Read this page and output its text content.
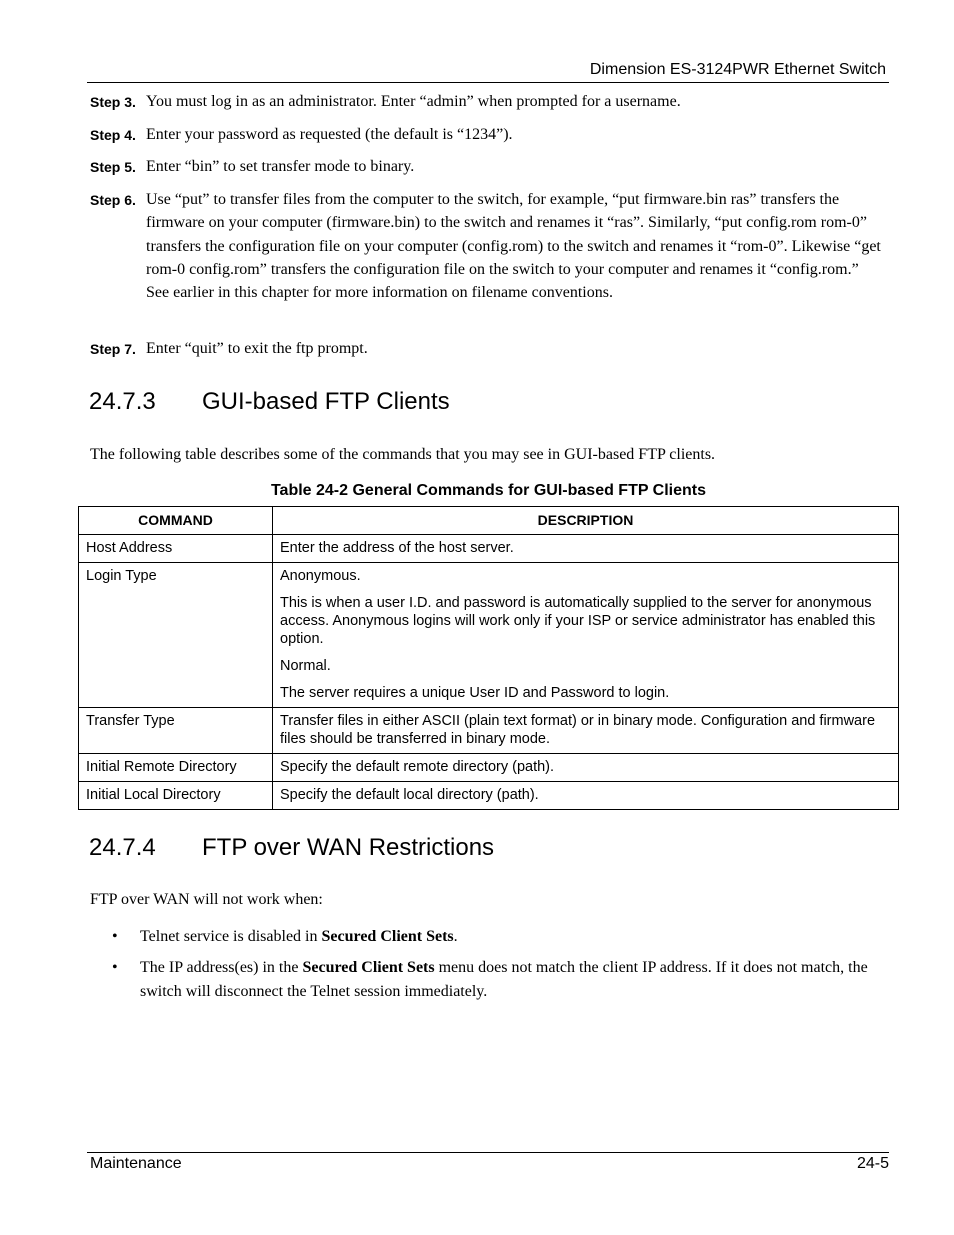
Dimension ES-3124PWR Ethernet Switch
Step 3. You must log in as an administrator. Enter “admin” when prompted for a username.
Step 4. Enter your password as requested (the default is “1234”).
Step 5. Enter “bin” to set transfer mode to binary.
Step 6. Use “put” to transfer files from the computer to the switch, for example, “put firmware.bin ras” transfers the firmware on your computer (firmware.bin) to the switch and renames it “ras”. Similarly, “put config.rom rom-0” transfers the configuration file on your computer (config.rom) to the switch and renames it “rom-0”. Likewise “get rom-0 config.rom” transfers the configuration file on the switch to your computer and renames it “config.rom.” See earlier in this chapter for more information on filename conventions.
Step 7. Enter “quit” to exit the ftp prompt.
24.7.3 GUI-based FTP Clients
The following table describes some of the commands that you may see in GUI-based FTP clients.
Table 24-2 General Commands for GUI-based FTP Clients
COMMAND	DESCRIPTION
Host Address	Enter the address of the host server.

Login Type	Anonymous.

This is when a user I.D. and password is automatically supplied to the server for anonymous access. Anonymous logins will work only if your ISP or service administrator has enabled this option.

Normal.

The server requires a unique User ID and Password to login.

Transfer Type	Transfer files in either ASCII (plain text format) or in binary mode. Configuration and firmware files should be transferred in binary mode.

Initial Remote Directory	Specify the default remote directory (path).

Initial Local Directory	Specify the default local directory (path).

24.7.4 FTP over WAN Restrictions
FTP over WAN will not work when:
• Telnet service is disabled in Secured Client Sets.
• The IP address(es) in the Secured Client Sets menu does not match the client IP address. If it does not match, the switch will disconnect the Telnet session immediately.
Maintenance	24-5
